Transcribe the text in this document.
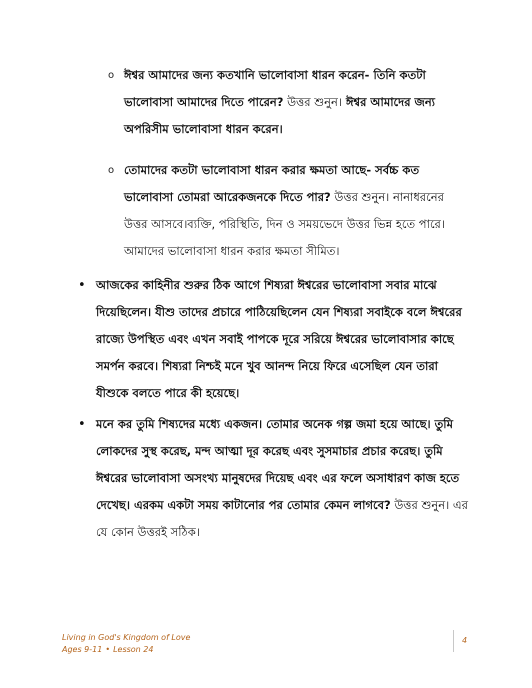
o ঈশ্বর আমাদের জন্য কতখানি ভালোবাসা ধারন করেন- তিনি কতটা ভালোবাসা আমাদের দিতে পারেন? উত্তর শুনুন। ঈশ্বর আমাদের জন্য অপরিসীম ভালোবাসা ধারন করেন।

o তোমাদের কতটা ভালোবাসা ধারন করার ক্ষমতা আছে- সর্বচ্চ কত ভালোবাসা তোমরা আরেকজনকে দিতে পার? উত্তর শুনুন। নানাধরনের উত্তর আসবে।ব্যক্তি, পরিস্থিতি, দিন ও সময়ভেদে উত্তর ভিন্ন হতে পারে। আমাদের ভালোবাসা ধারন করার ক্ষমতা সীমিত।

• আজকের কাহিনীর শুরুর ঠিক আগে শিষ্যরা ঈশ্বরের ভালোবাসা সবার মাঝে দিয়েছিলেন। যীশু তাদের প্রচারে পাঠিয়েছিলেন যেন শিষ্যরা সবাইকে বলে ঈশ্বরের রাজ্যে উপস্থিত এবং এখন সবাই পাপকে দূরে সরিয়ে ঈশ্বরের ভালোবাসার কাছে সমর্পন করবে। শিষ্যরা নিশ্চই মনে খুব আনন্দ নিয়ে ফিরে এসেছিল যেন তারা যীশুকে বলতে পারে কী হয়েছে।

• মনে কর তুমি শিষ্যদের মধ্যে একজন। তোমার অনেক গল্প জমা হয়ে আছে। তুমি লোকদের সুস্থ করেছ, মন্দ আত্মা দূর করেছ এবং সুসমাচার প্রচার করেছ। তুমি ঈশ্বরের ভালোবাসা অসংখ্য মানুষদের দিয়েছ এবং এর ফলে অসাধারণ কাজ হতে দেখেছ। এরকম একটা সময় কাটানোর পর তোমার কেমন লাগবে? উত্তর শুনুন। এর যে কোন উত্তরই সঠিক।

Living in God's Kingdom of Love
Ages 9-11 • Lesson 24
4
